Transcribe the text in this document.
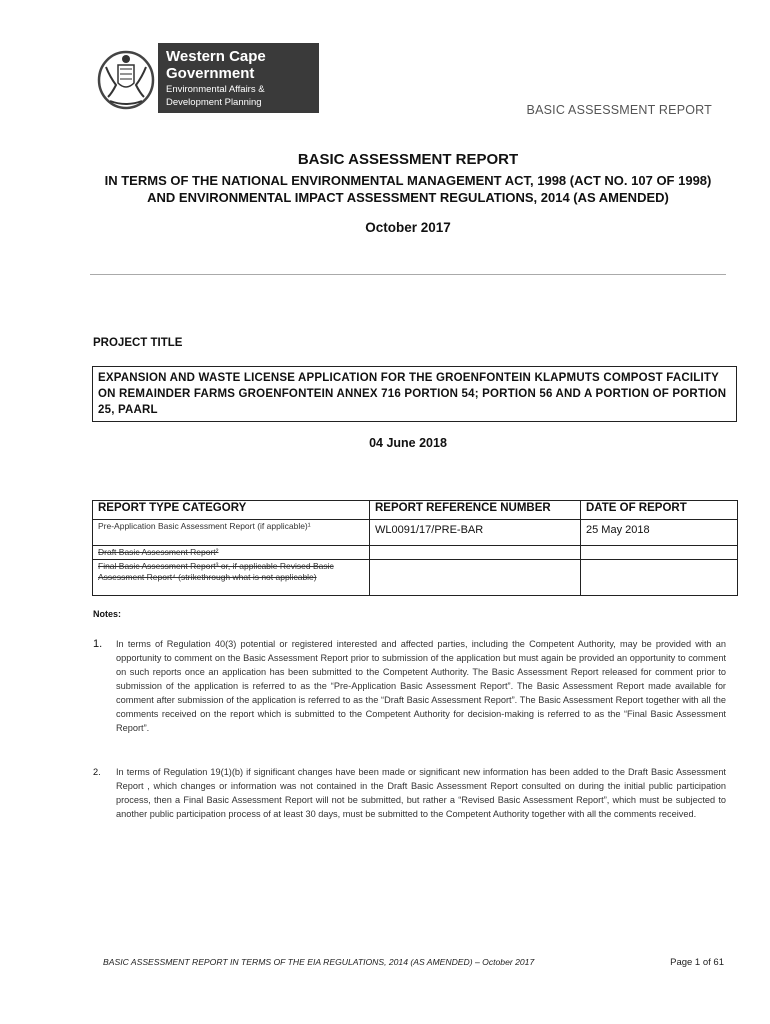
Western Cape
Government
Environmental Affairs &
Development Planning
BASIC ASSESSMENT REPORT
BASIC ASSESSMENT REPORT
IN TERMS OF THE NATIONAL ENVIRONMENTAL MANAGEMENT ACT, 1998 (ACT NO. 107 OF 1998) AND ENVIRONMENTAL IMPACT ASSESSMENT REGULATIONS, 2014 (AS AMENDED)
October 2017
PROJECT TITLE
EXPANSION AND WASTE LICENSE APPLICATION FOR THE GROENFONTEIN KLAPMUTS COMPOST FACILITY ON REMAINDER FARMS GROENFONTEIN ANNEX 716 PORTION 54; PORTION 56 AND A PORTION OF PORTION 25, PAARL
04 June 2018
REPORT TYPE CATEGORY	REPORT REFERENCE NUMBER	DATE OF REPORT
Pre-Application Basic Assessment Report (if applicable)¹	WL0091/17/PRE-BAR	25 May 2018
Draft Basic Assessment Report²		
Final Basic Assessment Report³ or, if applicable Revised Basic Assessment Report⁴ (strikethrough what is not applicable)		
Notes:
1. In terms of Regulation 40(3) potential or registered interested and affected parties, including the Competent Authority, may be provided with an opportunity to comment on the Basic Assessment Report prior to submission of the application but must again be provided an opportunity to comment on such reports once an application has been submitted to the Competent Authority. The Basic Assessment Report released for comment prior to submission of the application is referred to as the “Pre-Application Basic Assessment Report”. The Basic Assessment Report made available for comment after submission of the application is referred to as the “Draft Basic Assessment Report”. The Basic Assessment Report together with all the comments received on the report which is submitted to the Competent Authority for decision-making is referred to as the “Final Basic Assessment Report”.
2. In terms of Regulation 19(1)(b) if significant changes have been made or significant new information has been added to the Draft Basic Assessment Report , which changes or information was not contained in the Draft Basic Assessment Report consulted on during the initial public participation process, then a Final Basic Assessment Report will not be submitted, but rather a “Revised Basic Assessment Report”, which must be subjected to another public participation process of at least 30 days, must be submitted to the Competent Authority together with all the comments received.
BASIC ASSESSMENT REPORT IN TERMS OF THE EIA REGULATIONS, 2014 (AS AMENDED) – October 2017	Page 1 of 61
